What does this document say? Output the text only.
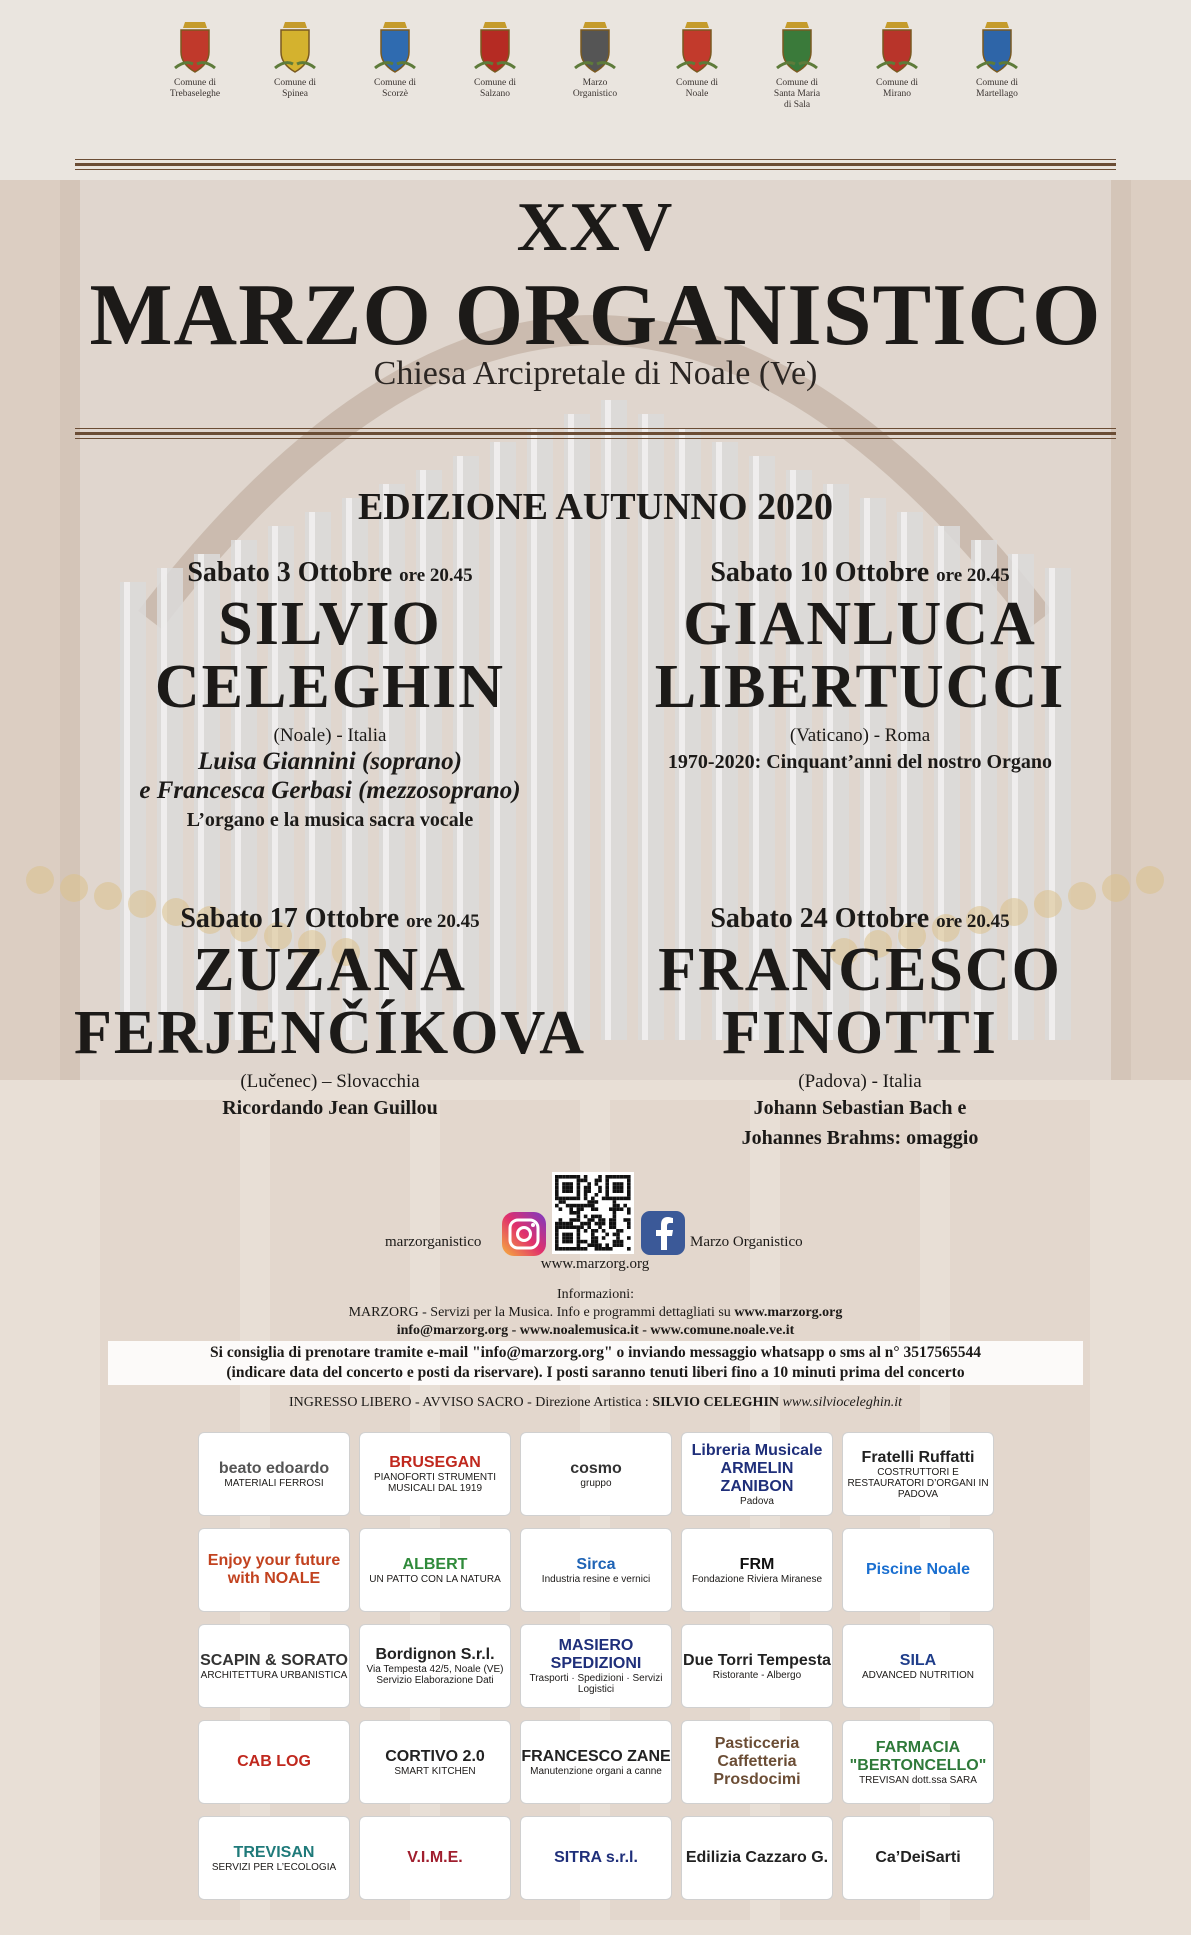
Comune di
Trebaseleghe
Comune di
Spinea
Comune di
Scorzè
Comune di
Salzano
Marzo
Organistico
Comune di
Noale
Comune di
Santa Maria
di Sala
Comune di
Mirano
Comune di
Martellago
XXV
MARZO ORGANISTICO
Chiesa Arcipretale di Noale (Ve)
EDIZIONE AUTUNNO 2020
Sabato 3 Ottobre ore 20.45
SILVIO
CELEGHIN
(Noale) - Italia
Luisa Giannini (soprano)
e Francesca Gerbasi (mezzosoprano)
L’organo e la musica sacra vocale
Sabato 10 Ottobre ore 20.45
GIANLUCA
LIBERTUCCI
(Vaticano) - Roma
1970-2020: Cinquant’anni del nostro Organo
Sabato 17 Ottobre ore 20.45
ZUZANA
FERJENČÍKOVA
(Lučenec) – Slovacchia
Ricordando Jean Guillou
Sabato 24 Ottobre ore 20.45
FRANCESCO
FINOTTI
(Padova) - Italia
Johann Sebastian Bach e
Johannes Brahms: omaggio
marzorganistico	Marzo Organistico
www.marzorg.org
Informazioni:
MARZORG - Servizi per la Musica. Info e programmi dettagliati su www.marzorg.org
info@marzorg.org - www.noalemusica.it - www.comune.noale.ve.it
Si consiglia di prenotare tramite e-mail "info@marzorg.org" o inviando messaggio whatsapp o sms al n° 3517565544
(indicare data del concerto e posti da riservare). I posti saranno tenuti liberi fino a 10 minuti prima del concerto
INGRESSO LIBERO - AVVISO SACRO - Direzione Artistica : SILVIO CELEGHIN www.silvioceleghin.it
beato edoardo
MATERIALI FERROSI
BRUSEGAN
PIANOFORTI STRUMENTI MUSICALI DAL 1919
cosmo
gruppo
Libreria Musicale ARMELIN ZANIBON
Padova
Fratelli Ruffatti
COSTRUTTORI E RESTAURATORI D’ORGANI IN PADOVA
Enjoy your future with NOALE
ALBERT
UN PATTO CON LA NATURA
Sirca
Industria resine e vernici
FRM
Fondazione Riviera Miranese
Piscine Noale
SCAPIN & SORATO
ARCHITETTURA URBANISTICA
Bordignon S.r.l.
Via Tempesta 42/5, Noale (VE) Servizio Elaborazione Dati
MASIERO SPEDIZIONI
Trasporti · Spedizioni · Servizi Logistici
Due Torri Tempesta
Ristorante - Albergo
SILA
ADVANCED NUTRITION
CAB LOG	CORTIVO 2.0
SMART KITCHEN
FRANCESCO ZANE
Manutenzione organi a canne
Pasticceria Caffetteria Prosdocimi
FARMACIA "BERTONCELLO"
TREVISAN dott.ssa SARA
TREVISAN
SERVIZI PER L’ECOLOGIA
V.I.M.E.	SITRA s.r.l.	Edilizia Cazzaro G.	Ca’DeiSarti
